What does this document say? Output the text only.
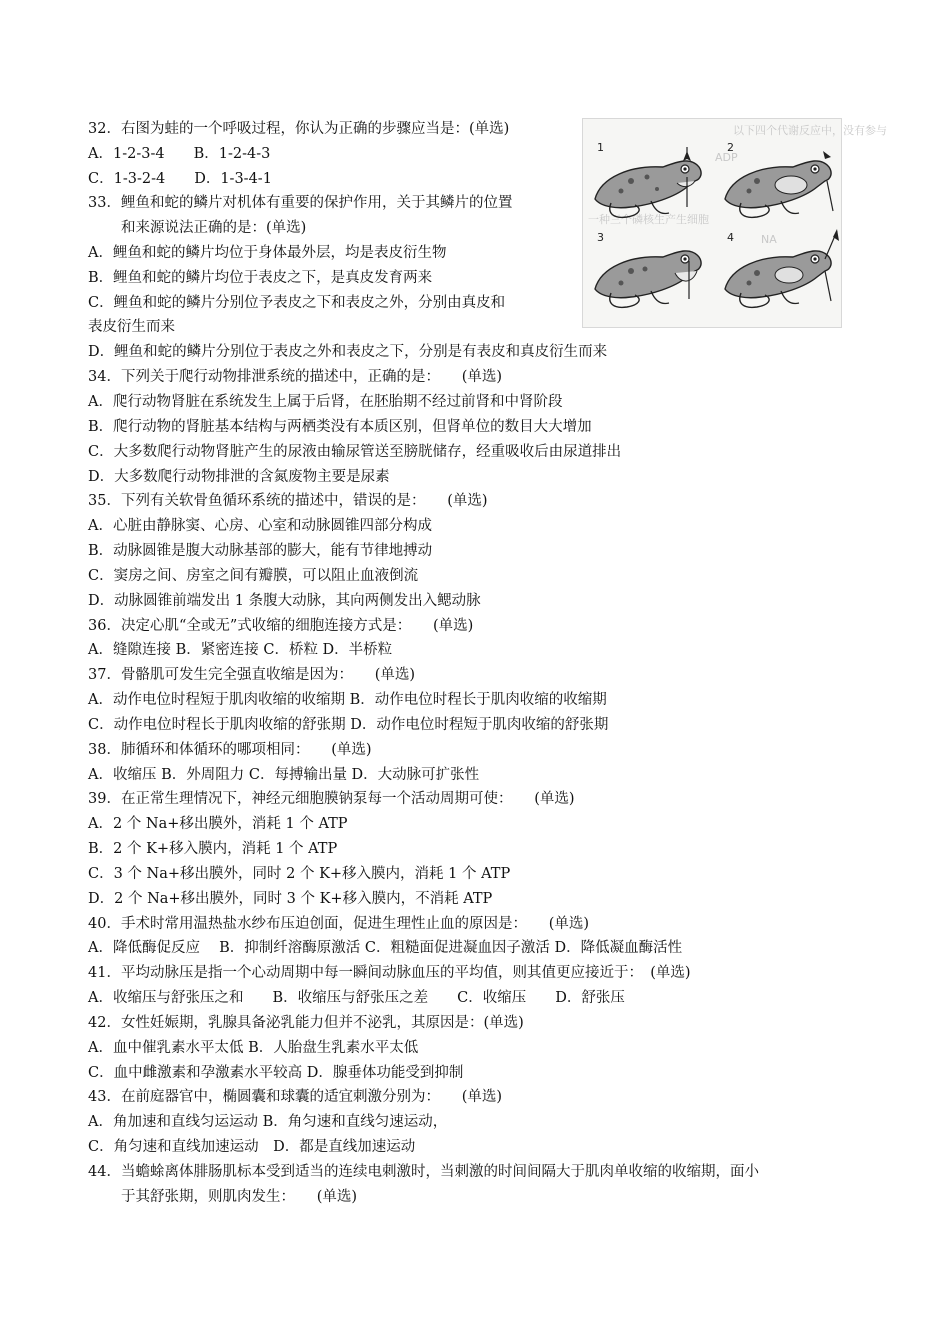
32．右图为蛙的一个呼吸过程，你认为正确的步骤应当是：(单选)
A．1-2-3-4　　B．1-2-4-3
C．1-3-2-4　　D．1-3-4-1
33．鲤鱼和蛇的鳞片对机体有重要的保护作用，关于其鳞片的位置
和来源说法正确的是：(单选)
A．鲤鱼和蛇的鳞片均位于身体最外层，均是表皮衍生物
B．鲤鱼和蛇的鳞片均位于表皮之下，是真皮发育两来
C．鲤鱼和蛇的鳞片分别位予表皮之下和表皮之外，分别由真皮和
表皮衍生而来
D．鲤鱼和蛇的鳞片分别位于表皮之外和表皮之下，分别是有表皮和真皮衍生而来
34．下列关于爬行动物排泄系统的描述中，正确的是：　　(单选)
A．爬行动物肾脏在系统发生上属于后肾，在胚胎期不经过前肾和中肾阶段
B．爬行动物的肾脏基本结构与两栖类没有本质区别，但肾单位的数目大大增加
C．大多数爬行动物肾脏产生的尿液由输尿管送至膀胱储存，经重吸收后由尿道排出
D．大多数爬行动物排泄的含氮废物主要是尿素
35．下列有关软骨鱼循环系统的描述中，错误的是：　　(单选)
A．心脏由静脉窦、心房、心室和动脉圆锥四部分构成
B．动脉圆锥是腹大动脉基部的膨大，能有节律地搏动
C．窦房之间、房室之间有瓣膜，可以阻止血液倒流
D．动脉圆锥前端发出 1 条腹大动脉，其向两侧发出入鳃动脉
36．决定心肌“全或无”式收缩的细胞连接方式是：　　(单选)
A．缝隙连接 B．紧密连接 C．桥粒 D．半桥粒
37．骨骼肌可发生完全强直收缩是因为：　　(单选)
A．动作电位时程短于肌肉收缩的收缩期 B．动作电位时程长于肌肉收缩的收缩期
C．动作电位时程长于肌肉收缩的舒张期 D．动作电位时程短于肌肉收缩的舒张期
38．肺循环和体循环的哪项相同：　　(单选)
A．收缩压 B．外周阻力 C．每搏输出量 D．大动脉可扩张性
39．在正常生理情况下，神经元细胞膜钠泵每一个活动周期可使：　　(单选)
A．2 个 Na+移出膜外，消耗 1 个 ATP
B．2 个 K+移入膜内，消耗 1 个 ATP
C．3 个 Na+移出膜外，同时 2 个 K+移入膜内，消耗 1 个 ATP
D．2 个 Na+移出膜外，同时 3 个 K+移入膜内，不消耗 ATP
40．手术时常用温热盐水纱布压迫创面，促进生理性止血的原因是：　　(单选)
A．降低酶促反应　 B．抑制纤溶酶原激活 C．粗糙面促进凝血因子激活 D．降低凝血酶活性
41．平均动脉压是指一个心动周期中每一瞬间动脉血压的平均值，则其值更应接近于：　(单选)
A．收缩压与舒张压之和　　B．收缩压与舒张压之差　　C．收缩压　　D．舒张压
42．女性妊娠期，乳腺具备泌乳能力但并不泌乳，其原因是：(单选)
A．血中催乳素水平太低 B．人胎盘生乳素水平太低
C．血中雌激素和孕激素水平较高 D．腺垂体功能受到抑制
43．在前庭器官中，椭圆囊和球囊的适宜刺激分别为：　　(单选)
A．角加速和直线匀运运动 B．角匀速和直线匀速运动，
C．角匀速和直线加速运动　D．都是直线加速运动
44．当蟾蜍离体腓肠肌标本受到适当的连续电刺激时，当刺激的时间间隔大于肌肉单收缩的收缩期，面小
于其舒张期，则肌肉发生：　　(单选)
以下四个代谢反应中，没有参与
ADP
一种三个磷核生产生细胞
NA
1	2
3	4
